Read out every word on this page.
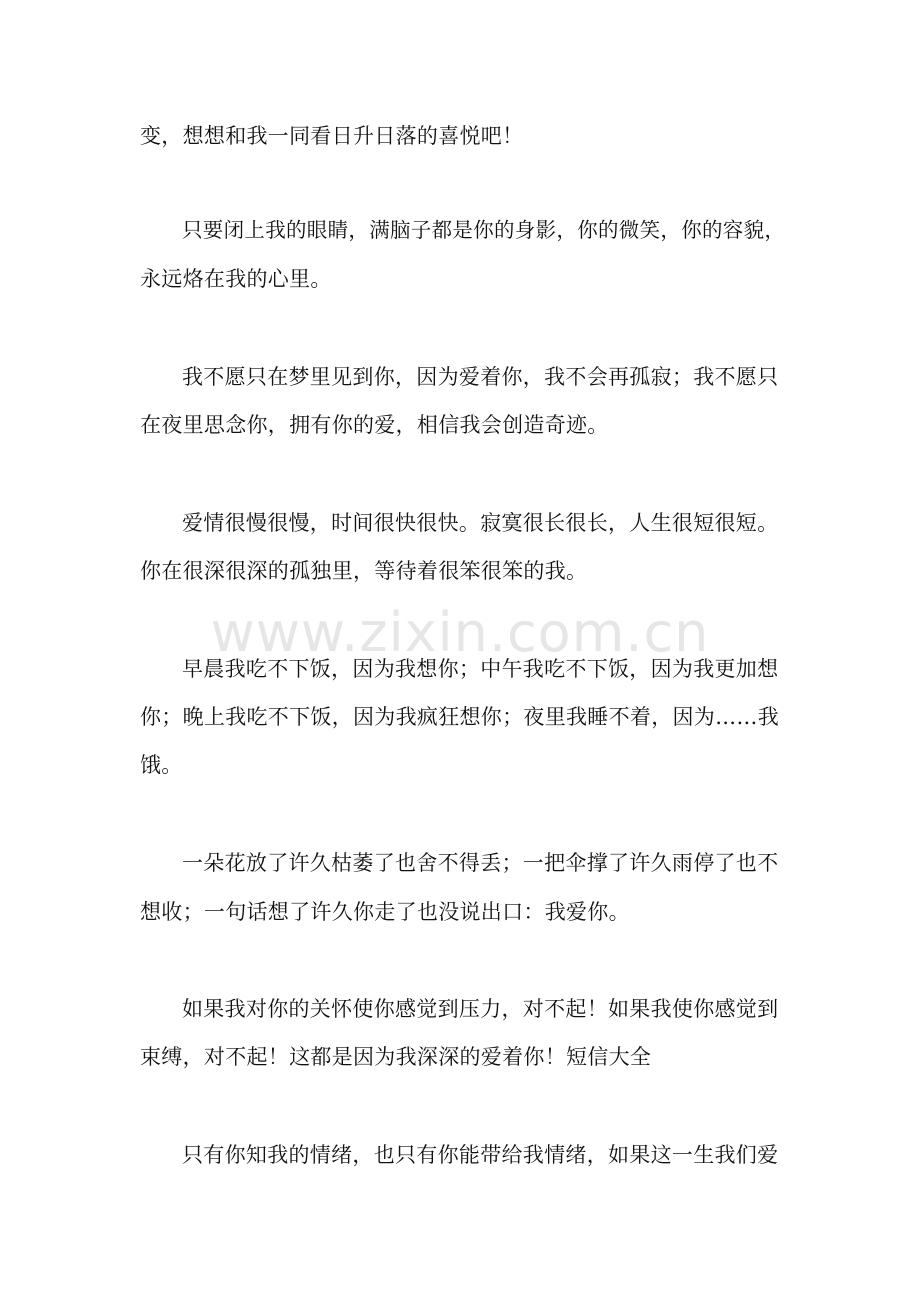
www.zixin.com.cn
变，想想和我一同看日升日落的喜悦吧！
只要闭上我的眼睛，满脑子都是你的身影，你的微笑，你的容貌，
永远烙在我的心里。
我不愿只在梦里见到你，因为爱着你，我不会再孤寂；我不愿只
在夜里思念你，拥有你的爱，相信我会创造奇迹。
爱情很慢很慢，时间很快很快。寂寞很长很长，人生很短很短。
你在很深很深的孤独里，等待着很笨很笨的我。
早晨我吃不下饭，因为我想你；中午我吃不下饭，因为我更加想
你；晚上我吃不下饭，因为我疯狂想你；夜里我睡不着，因为……我
饿。
一朵花放了许久枯萎了也舍不得丢；一把伞撑了许久雨停了也不
想收；一句话想了许久你走了也没说出口：我爱你。
如果我对你的关怀使你感觉到压力，对不起！如果我使你感觉到
束缚，对不起！这都是因为我深深的爱着你！短信大全
只有你知我的情绪，也只有你能带给我情绪，如果这一生我们爱
